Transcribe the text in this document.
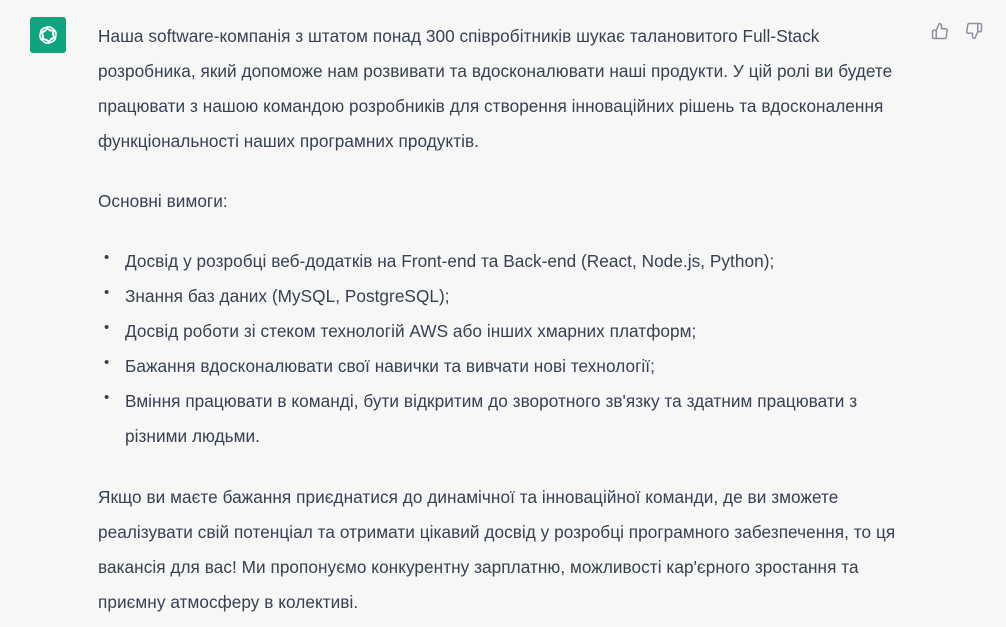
Наша software-компанія з штатом понад 300 співробітників шукає талановитого Full-Stack розробника, який допоможе нам розвивати та вдосконалювати наші продукти. У цій ролі ви будете працювати з нашою командою розробників для створення інноваційних рішень та вдосконалення функціональності наших програмних продуктів.

Основні вимоги:

• Досвід у розробці веб-додатків на Front-end та Back-end (React, Node.js, Python);
• Знання баз даних (MySQL, PostgreSQL);
• Досвід роботи зі стеком технологій AWS або інших хмарних платформ;
• Бажання вдосконалювати свої навички та вивчати нові технології;
• Вміння працювати в команді, бути відкритим до зворотного зв'язку та здатним працювати з різними людьми.

Якщо ви маєте бажання приєднатися до динамічної та інноваційної команди, де ви зможете реалізувати свій потенціал та отримати цікавий досвід у розробці програмного забезпечення, то ця вакансія для вас! Ми пропонуємо конкурентну зарплатню, можливості кар'єрного зростання та приємну атмосферу в колективі.
